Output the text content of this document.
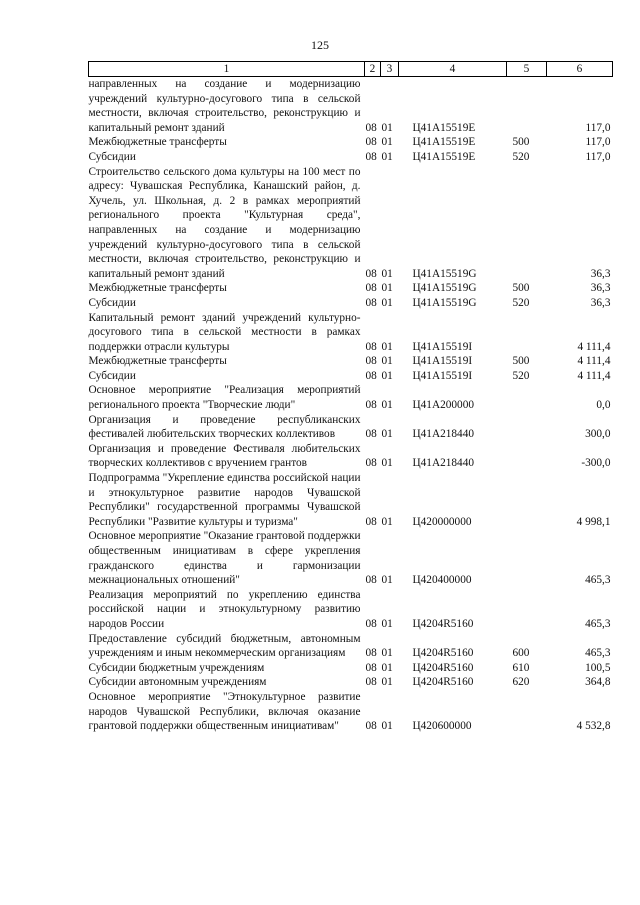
125
1	2	3	4	5	6
направленных на создание и модернизацию учреждений культурно-досугового типа в сельской местности, включая строительство, реконструкцию и капитальный ремонт зданий	08	01	Ц41А15519Е		117,0
Межбюджетные трансферты	08	01	Ц41А15519Е	500	117,0
Субсидии	08	01	Ц41А15519Е	520	117,0
Строительство сельского дома культуры на 100 мест по адресу: Чувашская Республика, Канашский район, д. Хучель, ул. Школьная, д. 2 в рамках мероприятий регионального проекта "Культурная среда", направленных на создание и модернизацию учреждений культурно-досугового типа в сельской местности, включая строительство, реконструкцию и капитальный ремонт зданий	08	01	Ц41А15519G		36,3
Межбюджетные трансферты	08	01	Ц41А15519G	500	36,3
Субсидии	08	01	Ц41А15519G	520	36,3
Капитальный ремонт зданий учреждений культурно-досугового типа в сельской местности в рамках поддержки отрасли культуры	08	01	Ц41А15519I		4 111,4
Межбюджетные трансферты	08	01	Ц41А15519I	500	4 111,4
Субсидии	08	01	Ц41А15519I	520	4 111,4
Основное мероприятие "Реализация мероприятий регионального проекта "Творческие люди"	08	01	Ц41А200000		0,0
Организация и проведение республиканских фестивалей любительских творческих коллективов	08	01	Ц41А218440		300,0
Организация и проведение Фестиваля любительских творческих коллективов с вручением грантов	08	01	Ц41А218440		-300,0
Подпрограмма "Укрепление единства российской нации и этнокультурное развитие народов Чувашской Республики" государственной программы Чувашской Республики "Развитие культуры и туризма"	08	01	Ц420000000		4 998,1
Основное мероприятие "Оказание грантовой поддержки общественным инициативам в сфере укрепления гражданского единства и гармонизации межнациональных отношений"	08	01	Ц420400000		465,3
Реализация мероприятий по укреплению единства российской нации и этнокультурному развитию народов России	08	01	Ц4204R5160		465,3
Предоставление субсидий бюджетным, автономным учреждениям и иным некоммерческим организациям	08	01	Ц4204R5160	600	465,3
Субсидии бюджетным учреждениям	08	01	Ц4204R5160	610	100,5
Субсидии автономным учреждениям	08	01	Ц4204R5160	620	364,8
Основное мероприятие "Этнокультурное развитие народов Чувашской Республики, включая оказание грантовой поддержки общественным инициативам"	08	01	Ц420600000		4 532,8
